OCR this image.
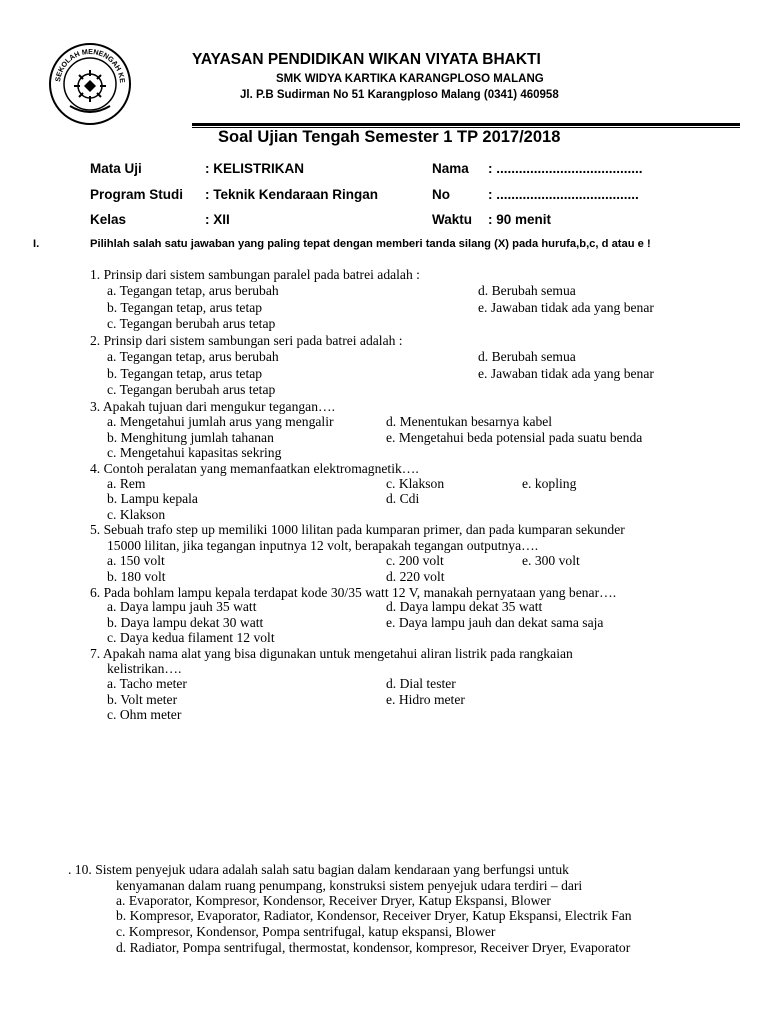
SEKOLAH MENENGAH KE
YAYASAN PENDIDIKAN WIKAN VIYATA BHAKTI
SMK WIDYA KARTIKA KARANGPLOSO MALANG
Jl. P.B Sudirman No 51 Karangploso Malang (0341) 460958
Soal Ujian Tengah Semester 1 TP 2017/2018
Mata Uji	: KELISTRIKAN	Nama : .......................................
Program Studi : Teknik Kendaraan Ringan	No	: ......................................
Kelas	: XII	Waktu : 90 menit
I.	Pilihlah salah satu jawaban yang paling tepat dengan memberi tanda silang (X) pada hurufa,b,c, d atau e !
1. Prinsip dari sistem sambungan paralel pada batrei adalah :
a. Tegangan tetap, arus berubah
b. Tegangan tetap, arus tetap
c. Tegangan berubah arus tetap
d. Berubah semua
e. Jawaban tidak ada yang benar
2. Prinsip dari sistem sambungan seri pada batrei adalah :
a. Tegangan tetap, arus berubah
b. Tegangan tetap, arus tetap
c. Tegangan berubah arus tetap
d. Berubah semua
e. Jawaban tidak ada yang benar
3. Apakah tujuan dari mengukur tegangan….
a. Mengetahui jumlah arus yang mengalir
b. Menghitung jumlah tahanan
c. Mengetahui kapasitas sekring
d. Menentukan besarnya kabel
e. Mengetahui beda potensial pada suatu benda
4. Contoh peralatan yang memanfaatkan elektromagnetik….
a. Rem
b. Lampu kepala
c. Klakson
c. Klakson
d. Cdi
e. kopling
5. Sebuah trafo step up memiliki 1000 lilitan pada kumparan primer, dan pada kumparan sekunder
15000 lilitan, jika tegangan inputnya 12 volt, berapakah tegangan outputnya….
a. 150 volt
b. 180 volt
c. 200 volt
d. 220 volt
e. 300 volt
6. Pada bohlam lampu kepala terdapat kode 30/35 watt 12 V, manakah pernyataan yang benar….
a. Daya lampu jauh 35 watt
b. Daya lampu dekat 30 watt
c. Daya kedua filament 12 volt
d. Daya lampu dekat 35 watt
e. Daya lampu jauh dan dekat sama saja
7. Apakah nama alat yang bisa digunakan untuk mengetahui aliran listrik pada rangkaian
kelistrikan….
a. Tacho meter
b. Volt meter
c. Ohm meter
d. Dial tester
e. Hidro meter
. 10. Sistem penyejuk udara adalah salah satu bagian dalam kendaraan yang berfungsi untuk
kenyamanan dalam ruang penumpang, konstruksi sistem penyejuk udara terdiri – dari
a. Evaporator, Kompresor, Kondensor, Receiver Dryer, Katup Ekspansi, Blower
b. Kompresor, Evaporator, Radiator, Kondensor, Receiver Dryer, Katup Ekspansi, Electrik Fan
c. Kompresor, Kondensor, Pompa sentrifugal, katup ekspansi, Blower
d. Radiator, Pompa sentrifugal, thermostat, kondensor, kompresor, Receiver Dryer, Evaporator
